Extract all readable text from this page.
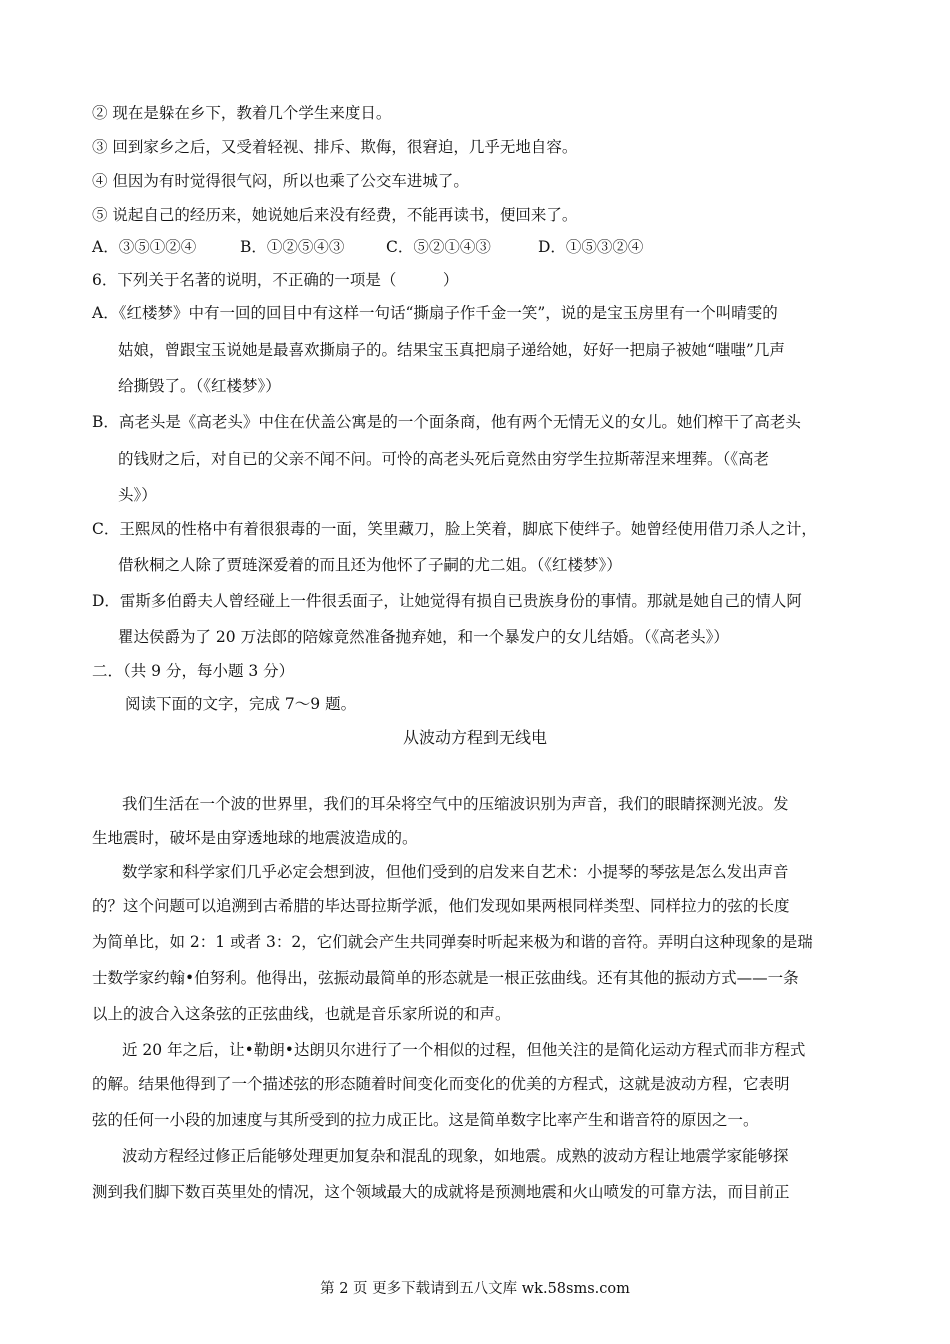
② 现在是躲在乡下，教着几个学生来度日。
③ 回到家乡之后，又受着轻视、排斥、欺侮，很窘迫，几乎无地自容。
④ 但因为有时觉得很气闷，所以也乘了公交车进城了。
⑤ 说起自己的经历来，她说她后来没有经费，不能再读书，便回来了。
A．③⑤①②④	B．①②⑤④③	C．⑤②①④③	D．①⑤③②④
6．下列关于名著的说明，不正确的一项是（　　　）
A．《红楼梦》中有一回的回目中有这样一句话“撕扇子作千金一笑”，说的是宝玉房里有一个叫晴雯的
姑娘，曾跟宝玉说她是最喜欢撕扇子的。结果宝玉真把扇子递给她，好好一把扇子被她“嗤嗤”几声
给撕毁了。（《红楼梦》）
B．高老头是《高老头》中住在伏盖公寓是的一个面条商，他有两个无情无义的女儿。她们榨干了高老头
的钱财之后，对自已的父亲不闻不问。可怜的高老头死后竟然由穷学生拉斯蒂涅来埋葬。（《高老
头》）
C．王熙凤的性格中有着很狠毒的一面，笑里藏刀，脸上笑着，脚底下使绊子。她曾经使用借刀杀人之计，
借秋桐之人除了贾琏深爱着的而且还为他怀了子嗣的尤二姐。（《红楼梦》）
D．雷斯多伯爵夫人曾经碰上一件很丢面子，让她觉得有损自已贵族身份的事情。那就是她自己的情人阿
瞿达侯爵为了 20 万法郎的陪嫁竟然准备抛弃她，和一个暴发户的女儿结婚。（《高老头》）
二．（共 9 分，每小题 3 分）
阅读下面的文字，完成 7～9 题。
从波动方程到无线电
我们生活在一个波的世界里，我们的耳朵将空气中的压缩波识别为声音，我们的眼睛探测光波。发
生地震时，破坏是由穿透地球的地震波造成的。
数学家和科学家们几乎必定会想到波，但他们受到的启发来自艺术：小提琴的琴弦是怎么发出声音
的？这个问题可以追溯到古希腊的毕达哥拉斯学派，他们发现如果两根同样类型、同样拉力的弦的长度
为简单比，如 2：1 或者 3：2，它们就会产生共同弹奏时听起来极为和谐的音符。弄明白这种现象的是瑞
士数学家约翰•伯努利。他得出，弦振动最简单的形态就是一根正弦曲线。还有其他的振动方式——一条
以上的波合入这条弦的正弦曲线，也就是音乐家所说的和声。
近 20 年之后，让•勒朗•达朗贝尔进行了一个相似的过程，但他关注的是简化运动方程式而非方程式
的解。结果他得到了一个描述弦的形态随着时间变化而变化的优美的方程式，这就是波动方程，它表明
弦的任何一小段的加速度与其所受到的拉力成正比。这是简单数字比率产生和谐音符的原因之一。
波动方程经过修正后能够处理更加复杂和混乱的现象，如地震。成熟的波动方程让地震学家能够探
测到我们脚下数百英里处的情况，这个领域最大的成就将是预测地震和火山喷发的可靠方法，而目前正
第 2 页 更多下载请到五八文库 wk.58sms.com
